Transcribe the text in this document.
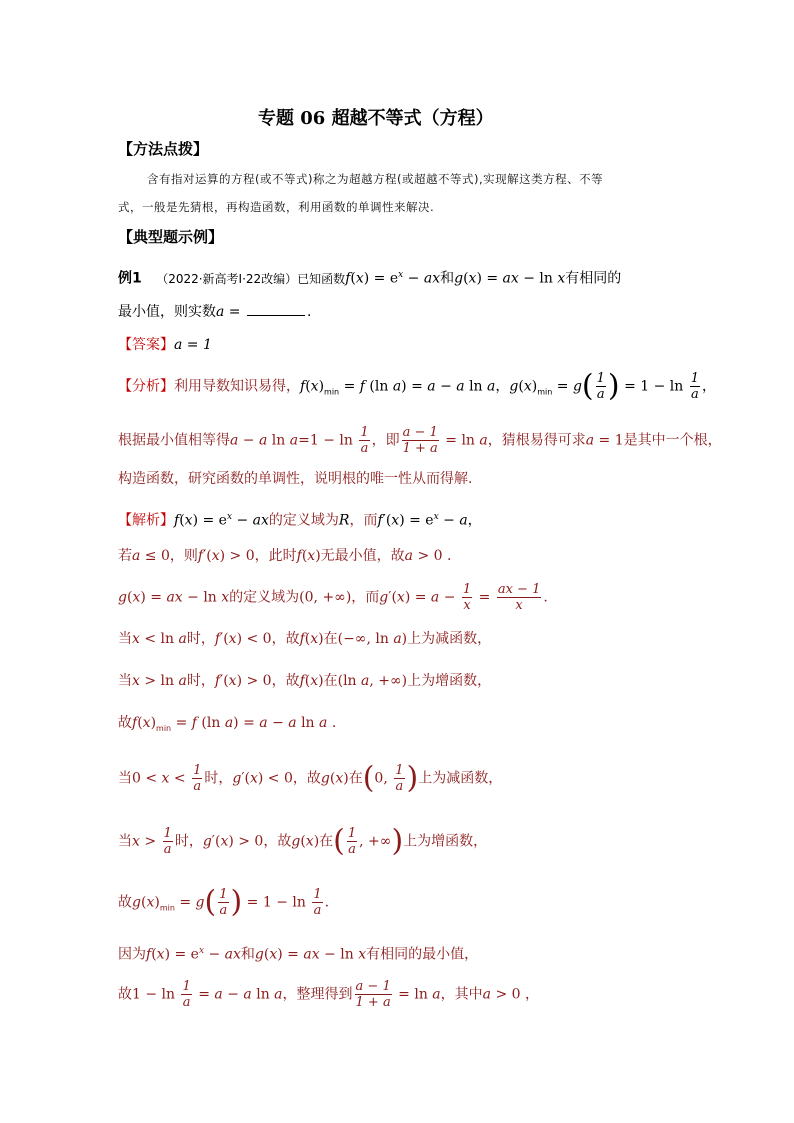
专题 06 超越不等式（方程）
【方法点拨】
含有指对运算的方程(或不等式)称之为超越方程(或超越不等式),实现解这类方程、不等
式，一般是先猜根，再构造函数，利用函数的单调性来解决.
【典型题示例】
例1 （2022·新高考Ⅰ·22改编）已知函数$f(x) = e^x$ − ax和g(x) = ax − ln x有相同的
最小值，则实数a =	.
【答案】a = 1
【分析】利用导数知识易得，$f(x)_{min} = f$ (ln a) = a − a ln a，$g(x)_{min} = g( \frac{1}{a}$ ) = $1 - \ln \frac{1}{a}$ ，
根据最小值相等得a − a $\ln a=1 - \ln \frac{1}{a}$ ，即 $\frac{a - 1}{1 + a} = \ln a$，猜根易得可求a = 1是其中一个根，
构造函数，研究函数的单调性，说明根的唯一性从而得解.
【解析】$f(x) = e^x$ − ax的定义域为R，而$f'(x) = e^x - a$，
若a ≤ 0，则f′(x) > 0，此时f(x)无最小值，故a > 0 .
g(x) = ax − ln x的定义域为(0, +∞)，而$g'(x) = a - \frac{1}{x} = \frac{ax - 1}{x}$ .
当x < ln a时，f′(x) < 0，故f(x)在(−∞, ln a)上为减函数，
当x > ln a时，f′(x) > 0，故f(x)在(ln a, +∞)上为增函数，
故$f(x)_{min} = f$ (ln a) = a − a ln a .
当$0 < x < \frac{1}{a}$ 时，g′(x) < 0，故g(x)在(0, $\frac{1}{a}$ )上为减函数，
当$x > \frac{1}{a}$ 时，g′(x) > 0，故g(x)在( $\frac{1}{a}$ , +∞)上为增函数，
故$g(x)_{min} = g( \frac{1}{a}$ ) = $1 - \ln \frac{1}{a}$ .
因为$f(x) = e^x$ − ax和g(x) = ax − ln x有相同的最小值，
故$1 - \ln \frac{1}{a} = a - a$ ln a，整理得到 $\frac{a - 1}{1 + a} = \ln a$，其中a > 0 ，
